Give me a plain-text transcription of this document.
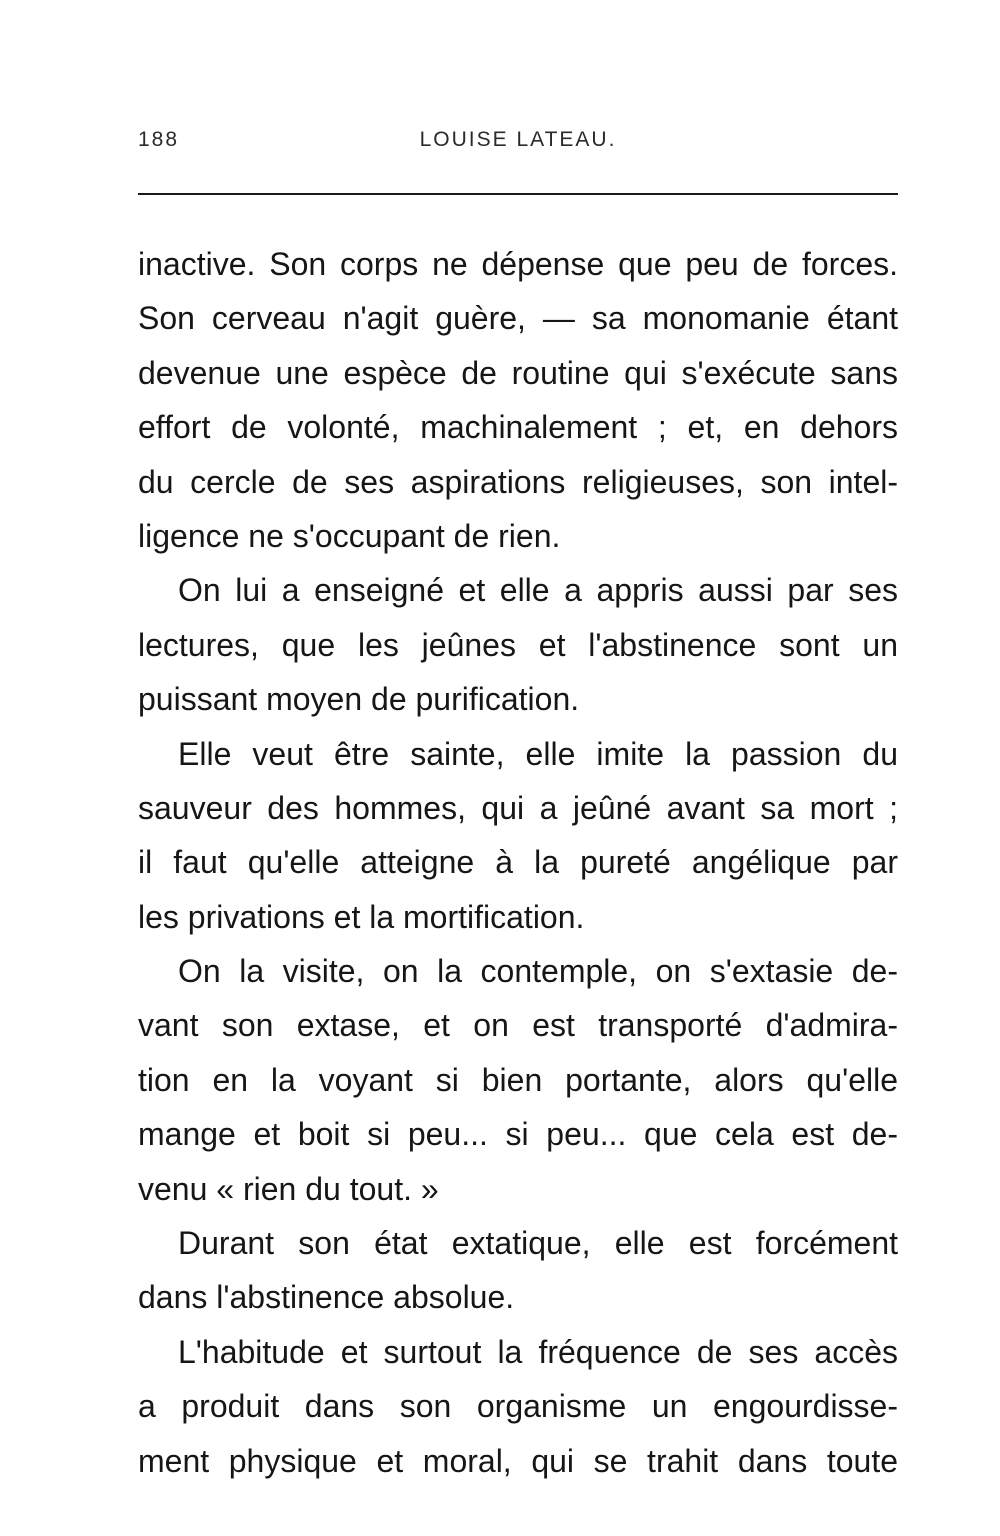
188	LOUISE LATEAU.
inactive. Son corps ne dépense que peu de forces.
Son cerveau n'agit guère, — sa monomanie étant
devenue une espèce de routine qui s'exécute sans
effort de volonté, machinalement ; et, en dehors
du cercle de ses aspirations religieuses, son intel-
ligence ne s'occupant de rien.
On lui a enseigné et elle a appris aussi par ses
lectures, que les jeûnes et l'abstinence sont un
puissant moyen de purification.
Elle veut être sainte, elle imite la passion du
sauveur des hommes, qui a jeûné avant sa mort ;
il faut qu'elle atteigne à la pureté angélique par
les privations et la mortification.
On la visite, on la contemple, on s'extasie de-
vant son extase, et on est transporté d'admira-
tion en la voyant si bien portante, alors qu'elle
mange et boit si peu... si peu... que cela est de-
venu « rien du tout. »
Durant son état extatique, elle est forcément
dans l'abstinence absolue.
L'habitude et surtout la fréquence de ses accès
a produit dans son organisme un engourdisse-
ment physique et moral, qui se trahit dans toute
